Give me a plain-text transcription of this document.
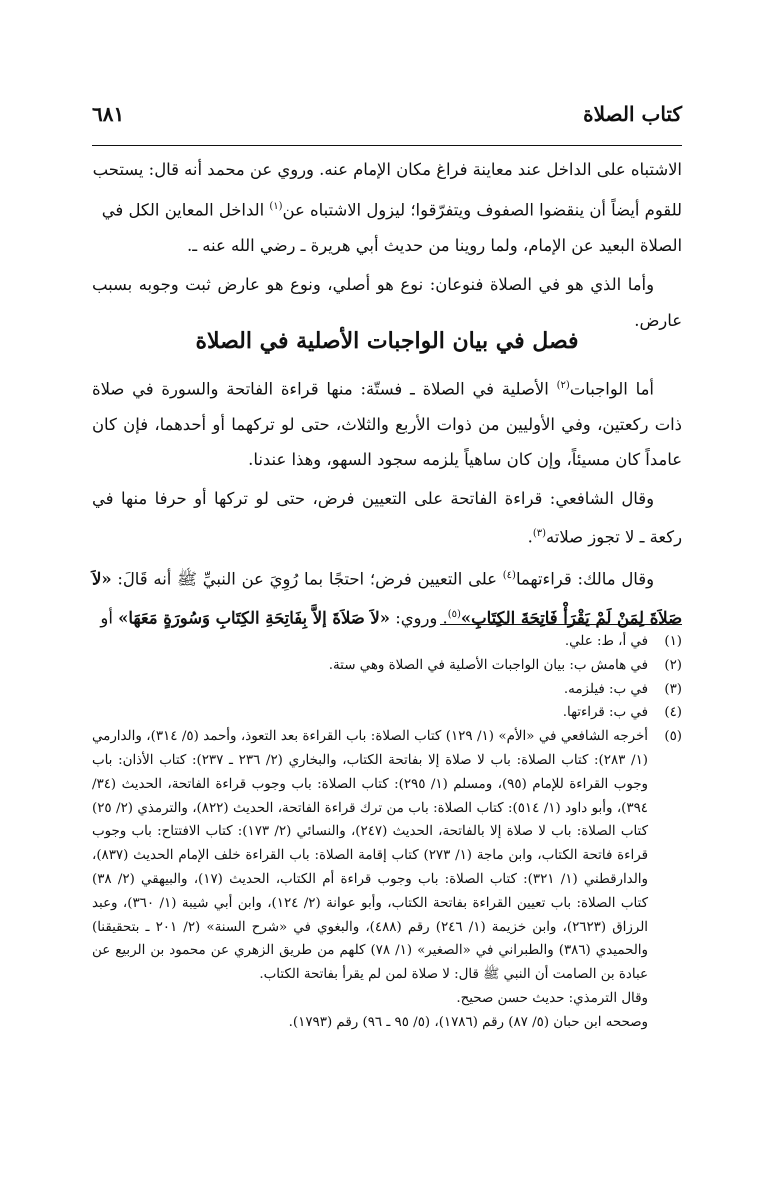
كتاب الصلاة
٦٨١

الاشتباه على الداخل عند معاينة فراغ مكان الإمام عنه. وروي عن محمد أنه قال: يستحب

للقوم أيضاً أن ينقضوا الصفوف ويتفرّقوا؛ ليزول الاشتباه عن$^{(١)}$ الداخل المعاين الكل في

الصلاة البعيد عن الإمام، ولما روينا من حديث أبي هريرة ـ رضي الله عنه ـ.

وأما الذي هو في الصلاة فنوعان: نوع هو أصلي، ونوع هو عارض ثبت وجوبه بسبب عارض.

فصل في بيان الواجبات الأصلية في الصلاة

أما الواجبات$^{(٢)}$ الأصلية في الصلاة ـ فستّة: منها قراءة الفاتحة والسورة في صلاة ذات ركعتين، وفي الأوليين من ذوات الأربع والثلاث، حتى لو تركهما أو أحدهما، فإن كان عامداً كان مسيئاً، وإن كان ساهياً يلزمه سجود السهو، وهذا عندنا.

وقال الشافعي: قراءة الفاتحة على التعيين فرض، حتى لو تركها أو حرفا منها في ركعة ـ لا تجوز صلاته$^{(٣)}$.

وقال مالك: قراءتهما$^{(٤)}$ على التعيين فرض؛ احتجًا بما رُوِيَ عن النبيِّ ﷺ أنه قَالَ: «لاَ صَلاَةَ لِمَنْ لَمْ يَقْرَأْ فَاتِحَةَ الكِتَابِ»$^{(٥)}$. وروي: «لاَ صَلاَةَ إلاَّ بِفَاتِحَةِ الكِتَابِ وَسُورَةٍ مَعَهَا» أو

(١)
في أ، ط: علي.
(٢)
في هامش ب: بيان الواجبات الأصلية في الصلاة وهي ستة.
(٣)
في ب: فيلزمه.
(٤)
في ب: قراءتها.
(٥)
أخرجه الشافعي في «الأم» (١/ ١٢٩) كتاب الصلاة: باب القراءة بعد التعوذ، وأحمد (٥/ ٣١٤)، والدارمي (١/ ٢٨٣): كتاب الصلاة: باب لا صلاة إلا بفاتحة الكتاب، والبخاري (٢/ ٢٣٦ ـ ٢٣٧): كتاب الأذان: باب وجوب القراءة للإمام (٩٥)، ومسلم (١/ ٢٩٥): كتاب الصلاة: باب وجوب قراءة الفاتحة، الحديث (٣٤/ ٣٩٤)، وأبو داود (١/ ٥١٤): كتاب الصلاة: باب من ترك قراءة الفاتحة، الحديث (٨٢٢)، والترمذي (٢/ ٢٥) كتاب الصلاة: باب لا صلاة إلا بالفاتحة، الحديث (٢٤٧)، والنسائي (٢/ ١٧٣): كتاب الافتتاح: باب وجوب قراءة فاتحة الكتاب، وابن ماجة (١/ ٢٧٣) كتاب إقامة الصلاة: باب القراءة خلف الإمام الحديث (٨٣٧)، والدارقطني (١/ ٣٢١): كتاب الصلاة: باب وجوب قراءة أم الكتاب، الحديث (١٧)، والبيهقي (٢/ ٣٨) كتاب الصلاة: باب تعيين القراءة بفاتحة الكتاب، وأبو عوانة (٢/ ١٢٤)، وابن أبي شيبة (١/ ٣٦٠)، وعبد الرزاق (٢٦٢٣)، وابن خزيمة (١/ ٢٤٦) رقم (٤٨٨)، والبغوي في «شرح السنة» (٢/ ٢٠١ ـ بتحقيقنا) والحميدي (٣٨٦) والطبراني في «الصغير» (١/ ٧٨) كلهم من طريق الزهري عن محمود بن الربيع عن عبادة بن الصامت أن النبي ﷺ قال: لا صلاة لمن لم يقرأ بفاتحة الكتاب.

وقال الترمذي: حديث حسن صحيح.

وصححه ابن حبان (٥/ ٨٧) رقم (١٧٨٦)، (٥/ ٩٥ ـ ٩٦) رقم (١٧٩٣).
